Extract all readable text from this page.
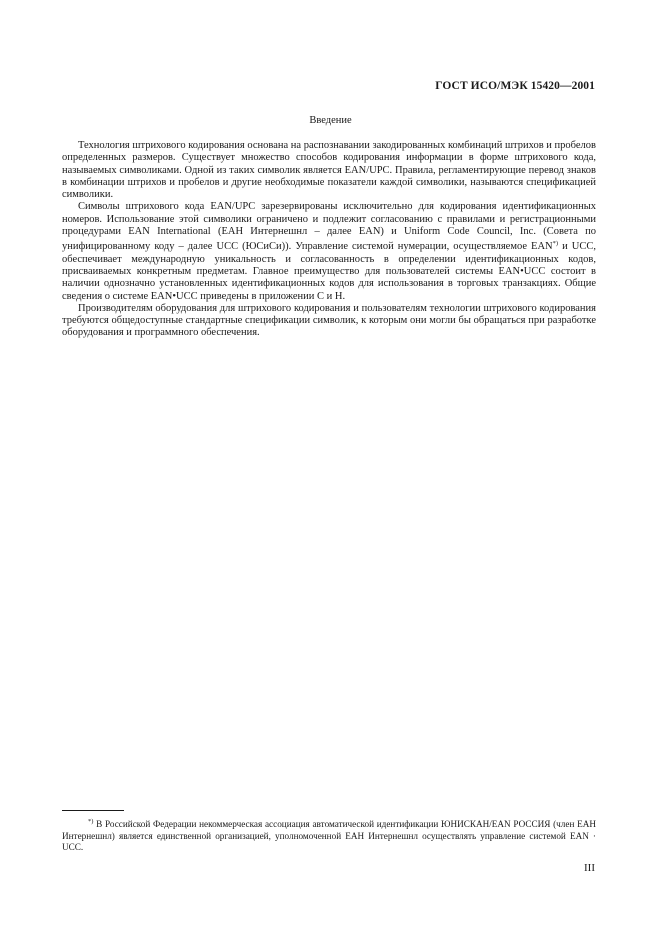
ГОСТ ИСО/МЭК 15420—2001
Введение

Технология штрихового кодирования основана на распознавании закодированных комбинаций штрихов и пробелов определенных размеров. Существует множество способов кодирования информации в форме штрихового кода, называемых символиками. Одной из таких символик является EAN/UPC. Правила, регламентирующие перевод знаков в комбинации штрихов и пробелов и другие необходимые показатели каждой символики, называются спецификацией символики.

Символы штрихового кода EAN/UPC зарезервированы исключительно для кодирования идентификационных номеров. Использование этой символики ограничено и подлежит согласованию с правилами и регистрационными процедурами EAN International (ЕАН Интернешнл – далее EAN) и Uniform Code Council, Inc. (Совета по унифицированному коду – далее UCC (ЮСиСи)). Управление системой нумерации, осуществляемое EAN*) и UCC, обеспечивает международную уникальность и согласованность в определении идентификационных кодов, присваиваемых конкретным предметам. Главное преимущество для пользователей системы EAN•UCC состоит в наличии однозначно установленных идентификационных кодов для использования в торговых транзакциях. Общие сведения о системе EAN•UCC приведены в приложении С и Н.

Производителям оборудования для штрихового кодирования и пользователям технологии штрихового кодирования требуются общедоступные стандартные спецификации символик, к которым они могли бы обращаться при разработке оборудования и программного обеспечения.

*) В Российской Федерации некоммерческая ассоциация автоматической идентификации ЮНИСКАН/EAN РОССИЯ (член ЕАН Интернешнл) является единственной организацией, уполномоченной ЕАН Интернешнл осуществлять управление системой EAN · UCC.

III
